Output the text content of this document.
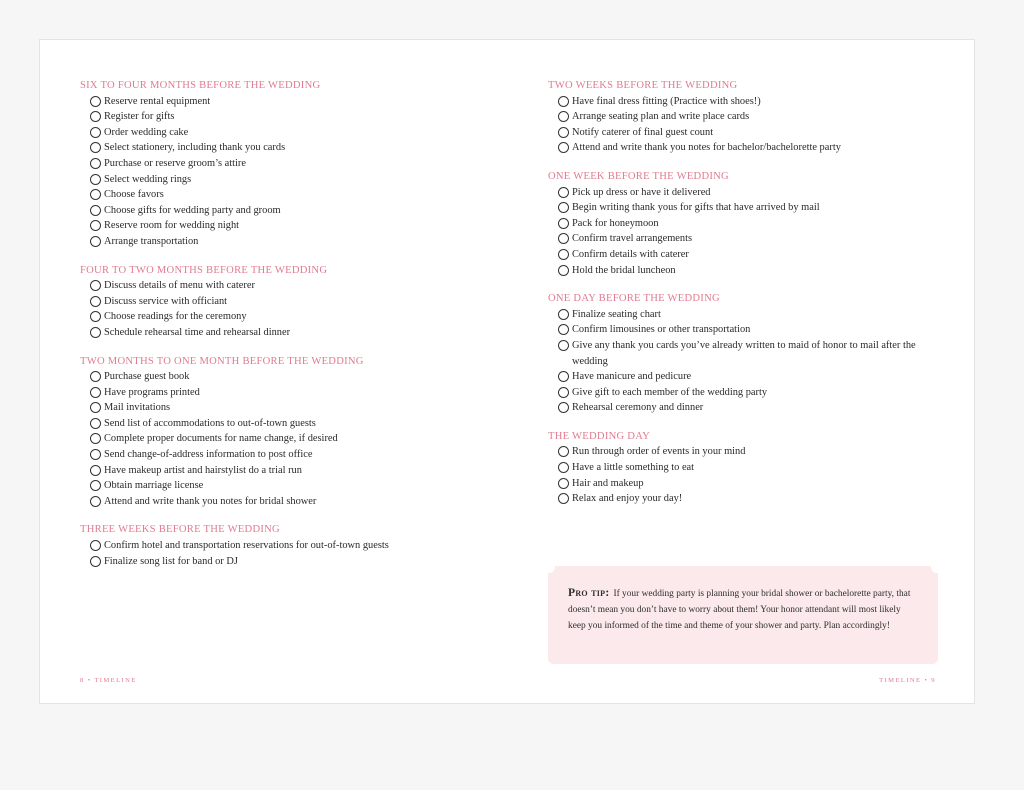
SIX TO FOUR MONTHS BEFORE THE WEDDING
Reserve rental equipment
Register for gifts
Order wedding cake
Select stationery, including thank you cards
Purchase or reserve groom’s attire
Select wedding rings
Choose favors
Choose gifts for wedding party and groom
Reserve room for wedding night
Arrange transportation
FOUR TO TWO MONTHS BEFORE THE WEDDING
Discuss details of menu with caterer
Discuss service with officiant
Choose readings for the ceremony
Schedule rehearsal time and rehearsal dinner
TWO MONTHS TO ONE MONTH BEFORE THE WEDDING
Purchase guest book
Have programs printed
Mail invitations
Send list of accommodations to out-of-town guests
Complete proper documents for name change, if desired
Send change-of-address information to post office
Have makeup artist and hairstylist do a trial run
Obtain marriage license
Attend and write thank you notes for bridal shower
THREE WEEKS BEFORE THE WEDDING
Confirm hotel and transportation reservations for out-of-town guests
Finalize song list for band or DJ
TWO WEEKS BEFORE THE WEDDING
Have final dress fitting (Practice with shoes!)
Arrange seating plan and write place cards
Notify caterer of final guest count
Attend and write thank you notes for bachelor/bachelorette party
ONE WEEK BEFORE THE WEDDING
Pick up dress or have it delivered
Begin writing thank yous for gifts that have arrived by mail
Pack for honeymoon
Confirm travel arrangements
Confirm details with caterer
Hold the bridal luncheon
ONE DAY BEFORE THE WEDDING
Finalize seating chart
Confirm limousines or other transportation
Give any thank you cards you’ve already written to maid of honor to mail after the wedding
Have manicure and pedicure
Give gift to each member of the wedding party
Rehearsal ceremony and dinner
THE WEDDING DAY
Run through order of events in your mind
Have a little something to eat
Hair and makeup
Relax and enjoy your day!
Pro tip: If your wedding party is planning your bridal shower or bachelorette party, that doesn’t mean you don’t have to worry about them! Your honor attendant will most likely keep you informed of the time and theme of your shower and party. Plan accordingly!
8 • TIMELINE	TIMELINE • 9
